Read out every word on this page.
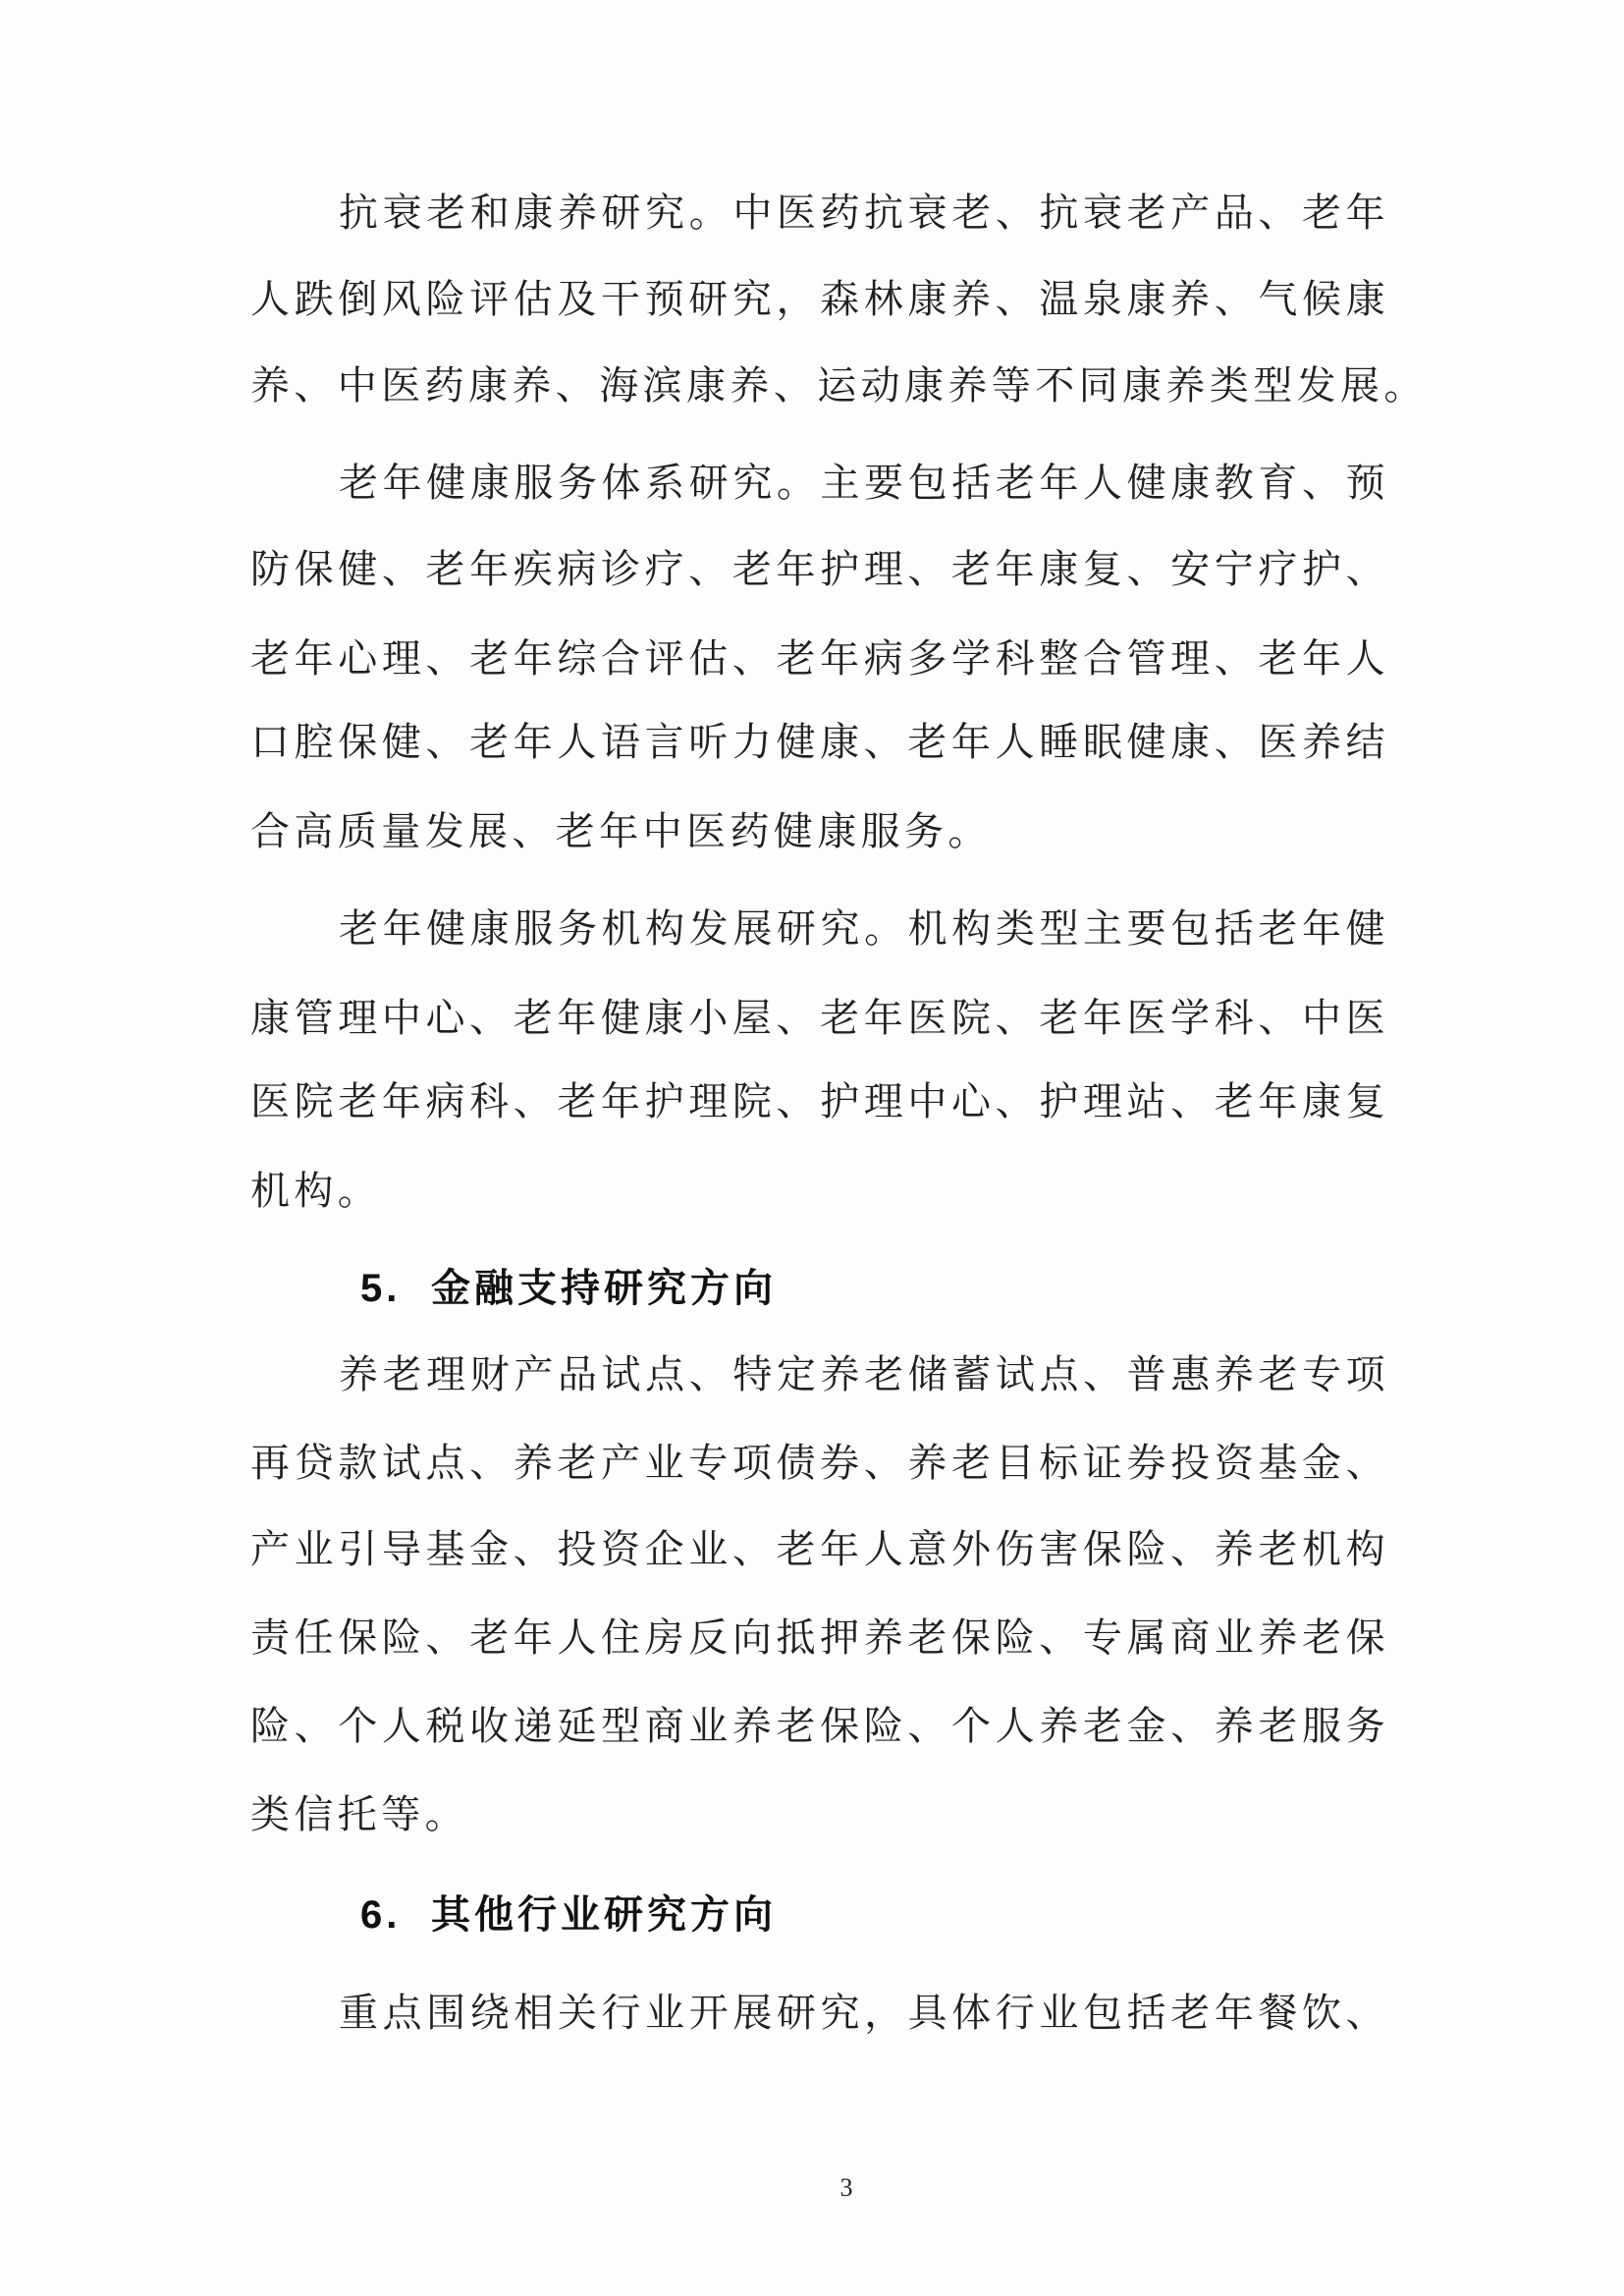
抗衰老和康养研究。中医药抗衰老、抗衰老产品、老年
人跌倒风险评估及干预研究，森林康养、温泉康养、气候康
养、中医药康养、海滨康养、运动康养等不同康养类型发展。
老年健康服务体系研究。主要包括老年人健康教育、预
防保健、老年疾病诊疗、老年护理、老年康复、安宁疗护、
老年心理、老年综合评估、老年病多学科整合管理、老年人
口腔保健、老年人语言听力健康、老年人睡眠健康、医养结
合高质量发展、老年中医药健康服务。
老年健康服务机构发展研究。机构类型主要包括老年健
康管理中心、老年健康小屋、老年医院、老年医学科、中医
医院老年病科、老年护理院、护理中心、护理站、老年康复
机构。
5. 金融支持研究方向
养老理财产品试点、特定养老储蓄试点、普惠养老专项
再贷款试点、养老产业专项债券、养老目标证券投资基金、
产业引导基金、投资企业、老年人意外伤害保险、养老机构
责任保险、老年人住房反向抵押养老保险、专属商业养老保
险、个人税收递延型商业养老保险、个人养老金、养老服务
类信托等。
6. 其他行业研究方向
重点围绕相关行业开展研究，具体行业包括老年餐饮、
3
